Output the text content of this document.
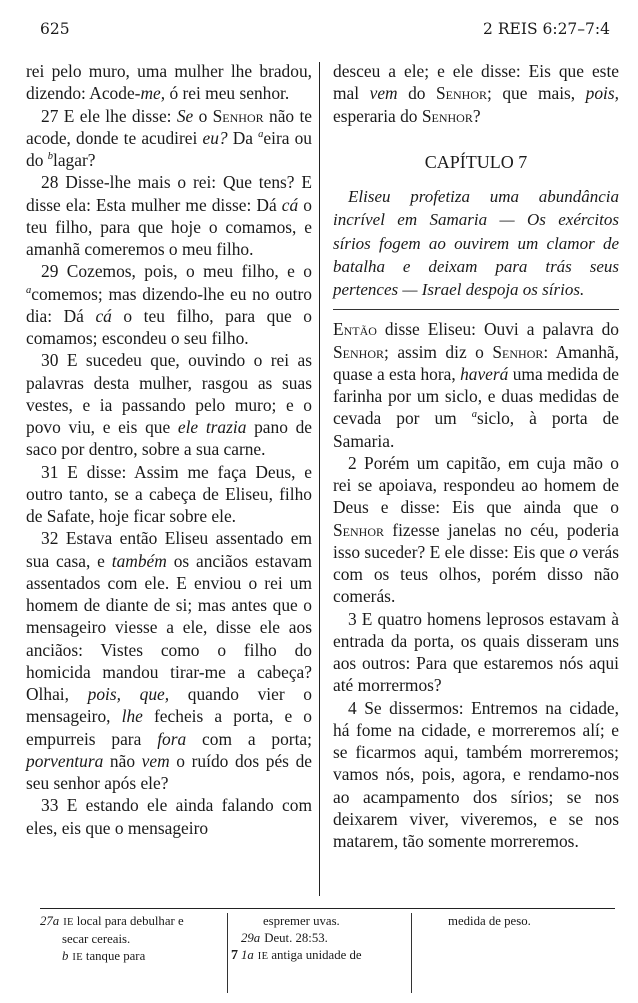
625	2 REIS 6:27–7:4

rei pelo muro, uma mulher lhe bradou, dizendo: Acode-me, ó rei meu senhor.

27 E ele lhe disse: Se o Senhor não te acode, donde te acudirei eu? Da $^a$eira ou do $^b$lagar?

28 Disse-lhe mais o rei: Que tens? E disse ela: Esta mulher me disse: Dá cá o teu filho, para que hoje o comamos, e amanhã comeremos o meu filho.

29 Cozemos, pois, o meu filho, e o $^a$comemos; mas dizendo-lhe eu no outro dia: Dá cá o teu filho, para que o comamos; escondeu o seu filho.

30 E sucedeu que, ouvindo o rei as palavras desta mulher, rasgou as suas vestes, e ia passando pelo muro; e o povo viu, e eis que ele trazia pano de saco por dentro, sobre a sua carne.

31 E disse: Assim me faça Deus, e outro tanto, se a cabeça de Eliseu, filho de Safate, hoje ficar sobre ele.

32 Estava então Eliseu assentado em sua casa, e também os anciãos estavam assentados com ele. E enviou o rei um homem de diante de si; mas antes que o mensageiro viesse a ele, disse ele aos anciãos: Vistes como o filho do homicida mandou tirar-me a cabeça? Olhai, pois, que, quando vier o mensageiro, lhe fecheis a porta, e o empurreis para fora com a porta; porventura não vem o ruído dos pés de seu senhor após ele?

33 E estando ele ainda falando com eles, eis que o mensageiro

desceu a ele; e ele disse: Eis que este mal vem do Senhor; que mais, pois, esperaria do Senhor?

CAPÍTULO 7

Eliseu profetiza uma abundância incrível em Samaria — Os exércitos sírios fogem ao ouvirem um clamor de batalha e deixam para trás seus pertences — Israel despoja os sírios.

Então disse Eliseu: Ouvi a palavra do Senhor; assim diz o Senhor: Amanhã, quase a esta hora, haverá uma medida de farinha por um siclo, e duas medidas de cevada por um $^a$siclo, à porta de Samaria.

2 Porém um capitão, em cuja mão o rei se apoiava, respondeu ao homem de Deus e disse: Eis que ainda que o Senhor fizesse janelas no céu, poderia isso suceder? E ele disse: Eis que o verás com os teus olhos, porém disso não comerás.

3 E quatro homens leprosos estavam à entrada da porta, os quais disseram uns aos outros: Para que estaremos nós aqui até morrermos?

4 Se dissermos: Entremos na cidade, há fome na cidade, e morreremos alí; e se ficarmos aqui, também morreremos; vamos nós, pois, agora, e rendamo-nos ao acampamento dos sírios; se nos deixarem viver, viveremos, e se nos matarem, tão somente morreremos.

27a IE local para debulhar e
secar cereais.
b IE tanque para
espremer uvas.
29a Deut. 28:53.
7 1a IE antiga unidade de
medida de peso.
